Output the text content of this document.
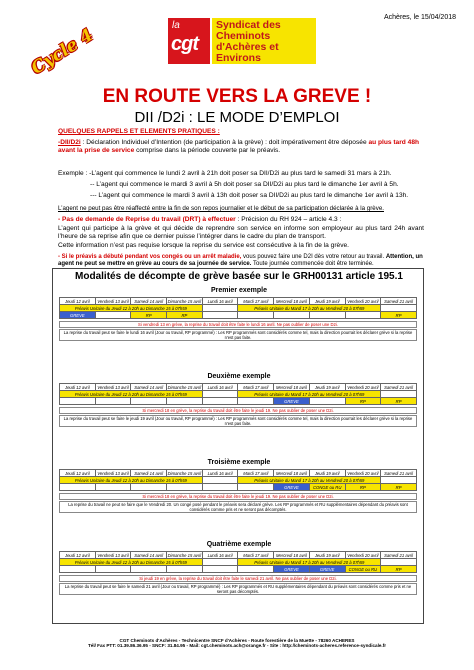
Cycle 4	la
cgt
Syndicat des Cheminots
d'Achères et Environs
Achères, le 15/04/2018
EN ROUTE VERS LA GREVE !
DII /D2i : LE MODE D’EMPLOI
QUELQUES RAPPELS ET ELEMENTS PRATIQUES :
-DII/D2i : Déclaration Individuel d’Intention (de participation à la grève) : doit impérativement être déposée au plus tard 48h avant la prise de service comprise dans la période couverte par le préavis.
Exemple : -L’agent qui commence le lundi 2 avril à 21h doit poser sa DII/D2i au plus tard le samedi 31 mars à 21h.
-- L’agent qui commence le mardi 3 avril à 5h doit poser sa DII/D2i au plus tard le dimanche 1er avril à 5h.
--- L’agent qui commence le mardi 3 avril à 13h doit poser sa DII/D2i au plus tard le dimanche 1er avril à 13h.
L’agent ne peut pas être réaffecté entre la fin de son repos journalier et le début de sa participation déclarée à la grève.
- Pas de demande de Reprise du travail (DRT) à effectuer : Précision du RH 924 – article 4.3 :
L’agent qui participe à la grève et qui décide de reprendre son service en informe son employeur au plus tard 24h avant l’heure de sa reprise afin que ce dernier puisse l’intégrer dans le cadre du plan de transport.
Cette information n’est pas requise lorsque la reprise du service est consécutive à la fin de la grève.
- Si le préavis a débuté pendant vos congés ou un arrêt maladie, vous pouvez faire une D2I dès votre retour au travail. Attention, un agent ne peut se mettre en grève au cours de sa journée de service. Toute journée commencée doit être terminée.
Modalités de décompte de grève basée sur le GRH00131 article 195.1
Premier exemple
Jeudi 12 avril	Vendredi 13 avril	Samedi 14 avril	Dimanche 15 avril	Lundi 16 avril	Mardi 17 avril	Mercredi 18 avril	Jeudi 19 avril	Vendredi 20 avril	Samedi 21 avril
Préavis Unitaire du Jeudi 12 à 20h au Dimanche 15 à 07h59					Préavis Unitaire du Mardi 17 à 20h au Vendredi 20 à 07h59				
GREVE		RP	RP						RP
Si vendredi 13 en grève, la reprise du travail doit être faite le lundi 16 avril. Ne pas oublier de poser une D2i.
La reprise du travail peut se faire le lundi 16 avril (Jour ou travail, RP programmé) : Les RP programmés sont considérés comme tel, mais la direction pourrait les déclarer grève si la reprise n'est pas faite.
Deuxième exemple
Jeudi 12 avril	Vendredi 13 avril	Samedi 14 avril	Dimanche 15 avril	Lundi 16 avril	Mardi 17 avril	Mercredi 18 avril	Jeudi 19 avril	Vendredi 20 avril	Samedi 21 avril
Préavis Unitaire du Jeudi 12 à 20h au Dimanche 15 à 07h59					Préavis Unitaire du Mardi 17 à 20h au Vendredi 20 à 07h59				
						GREVE		RP	RP
Si mercredi 18 en grève, la reprise du travail doit être faite le jeudi 19. Ne pas oublier de poser une D2i.
La reprise du travail peut se faire le jeudi 19 avril (Jour ou travail, RP programmé) : Les RP programmés sont considérés comme tel, mais la direction pourrait les déclarer grève si la reprise n'est pas faite.
Troisième exemple
Jeudi 12 avril	Vendredi 13 avril	Samedi 14 avril	Dimanche 15 avril	Lundi 16 avril	Mardi 17 avril	Mercredi 18 avril	Jeudi 19 avril	Vendredi 20 avril	Samedi 21 avril
Préavis Unitaire du Jeudi 12 à 20h au Dimanche 15 à 07h59					Préavis Unitaire du Mardi 17 à 20h au Vendredi 20 à 07h59				
						GREVE	CONGE ou RU	RP	RP
Si mercredi 18 en grève, la reprise du travail doit être faite le jeudi 19. Ne pas oublier de poser une D2i.
La reprise du travail ne peut se faire que le Vendredi 20. Un congé posé pendant le préavis sera déclaré grève. Les RP programmés et RU supplémentaires dépendant du préavis sont considérés comme pris et ne seront pas décomptés.
Quatrième exemple
Jeudi 12 avril	Vendredi 13 avril	Samedi 14 avril	Dimanche 15 avril	Lundi 16 avril	Mardi 17 avril	Mercredi 18 avril	Jeudi 19 avril	Vendredi 20 avril	Samedi 21 avril
Préavis Unitaire du Jeudi 12 à 20h au Dimanche 15 à 07h59					Préavis Unitaire du Mardi 17 à 20h au Vendredi 20 à 07h59				
						GREVE	GREVE	CONGE ou RU	RP
Si jeudi 19 en grève, la reprise du travail doit être faite le samedi 21 avril. Ne pas oublier de poser une D2i.
La reprise du travail peut se faire le samedi 21 avril (Jour ou travail, RP programmé) : Les RP programmés et RU supplémentaires dépendant du préavis sont considérés comme pris et ne seront pas décomptés.
CGT Cheminots d'Achères - Technicentre SNCF d'Achères - Route forestière de la Muette - 78260 ACHERES
Tél/ Fax PTT: 01.39.86.36.95 - SNCF: 31.84.95 - Mail: cgt.cheminots.ach@orange.fr - Site : http://cheminots-acheres.reference-syndicale.fr
